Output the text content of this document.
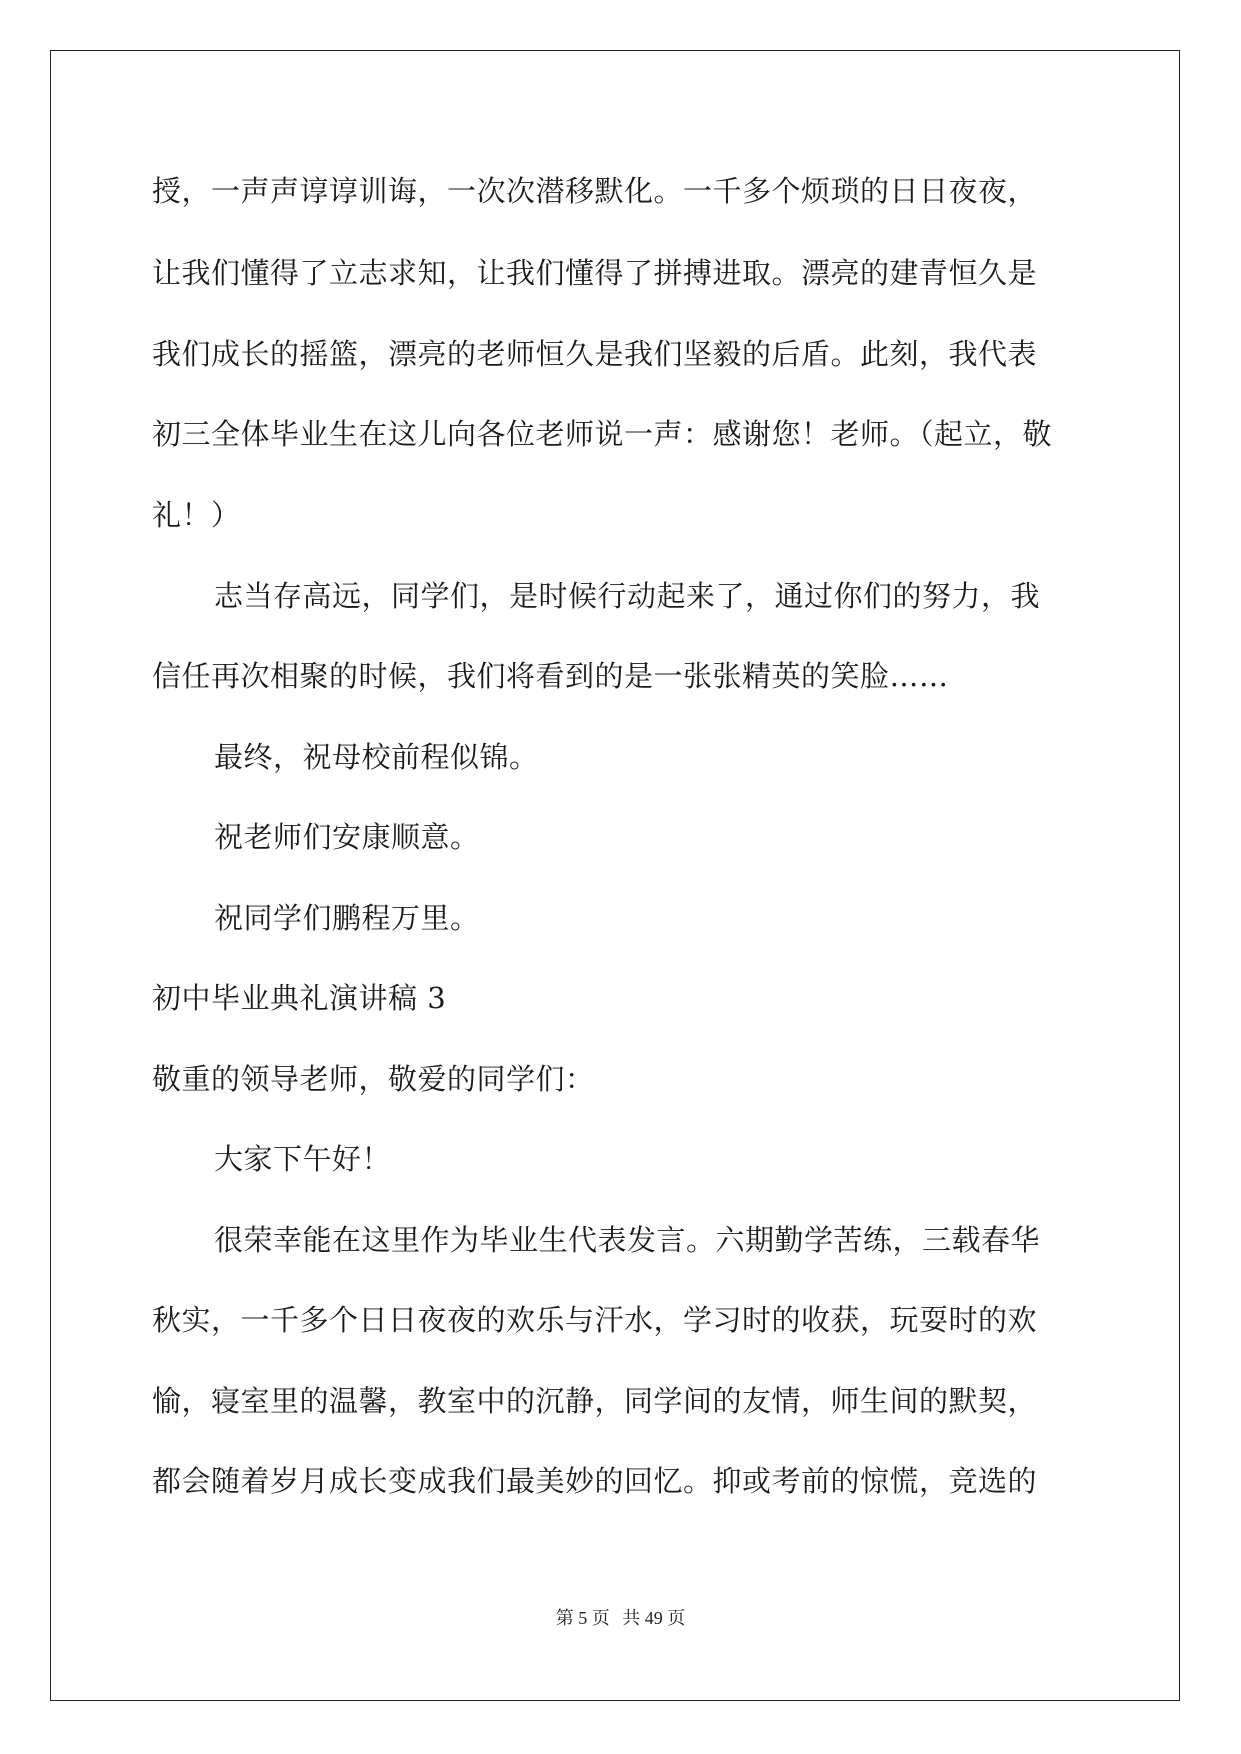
授，一声声谆谆训诲，一次次潜移默化。一千多个烦琐的日日夜夜，
让我们懂得了立志求知，让我们懂得了拼搏进取。漂亮的建青恒久是
我们成长的摇篮，漂亮的老师恒久是我们坚毅的后盾。此刻，我代表
初三全体毕业生在这儿向各位老师说一声：感谢您！老师。（起立，敬
礼！）
志当存高远，同学们，是时候行动起来了，通过你们的努力，我
信任再次相聚的时候，我们将看到的是一张张精英的笑脸……
最终，祝母校前程似锦。
祝老师们安康顺意。
祝同学们鹏程万里。
初中毕业典礼演讲稿 3
敬重的领导老师，敬爱的同学们：
大家下午好！
很荣幸能在这里作为毕业生代表发言。六期勤学苦练，三载春华
秋实，一千多个日日夜夜的欢乐与汗水，学习时的收获，玩耍时的欢
愉，寝室里的温馨，教室中的沉静，同学间的友情，师生间的默契，
都会随着岁月成长变成我们最美妙的回忆。抑或考前的惊慌，竞选的
第 5 页 共 49 页
